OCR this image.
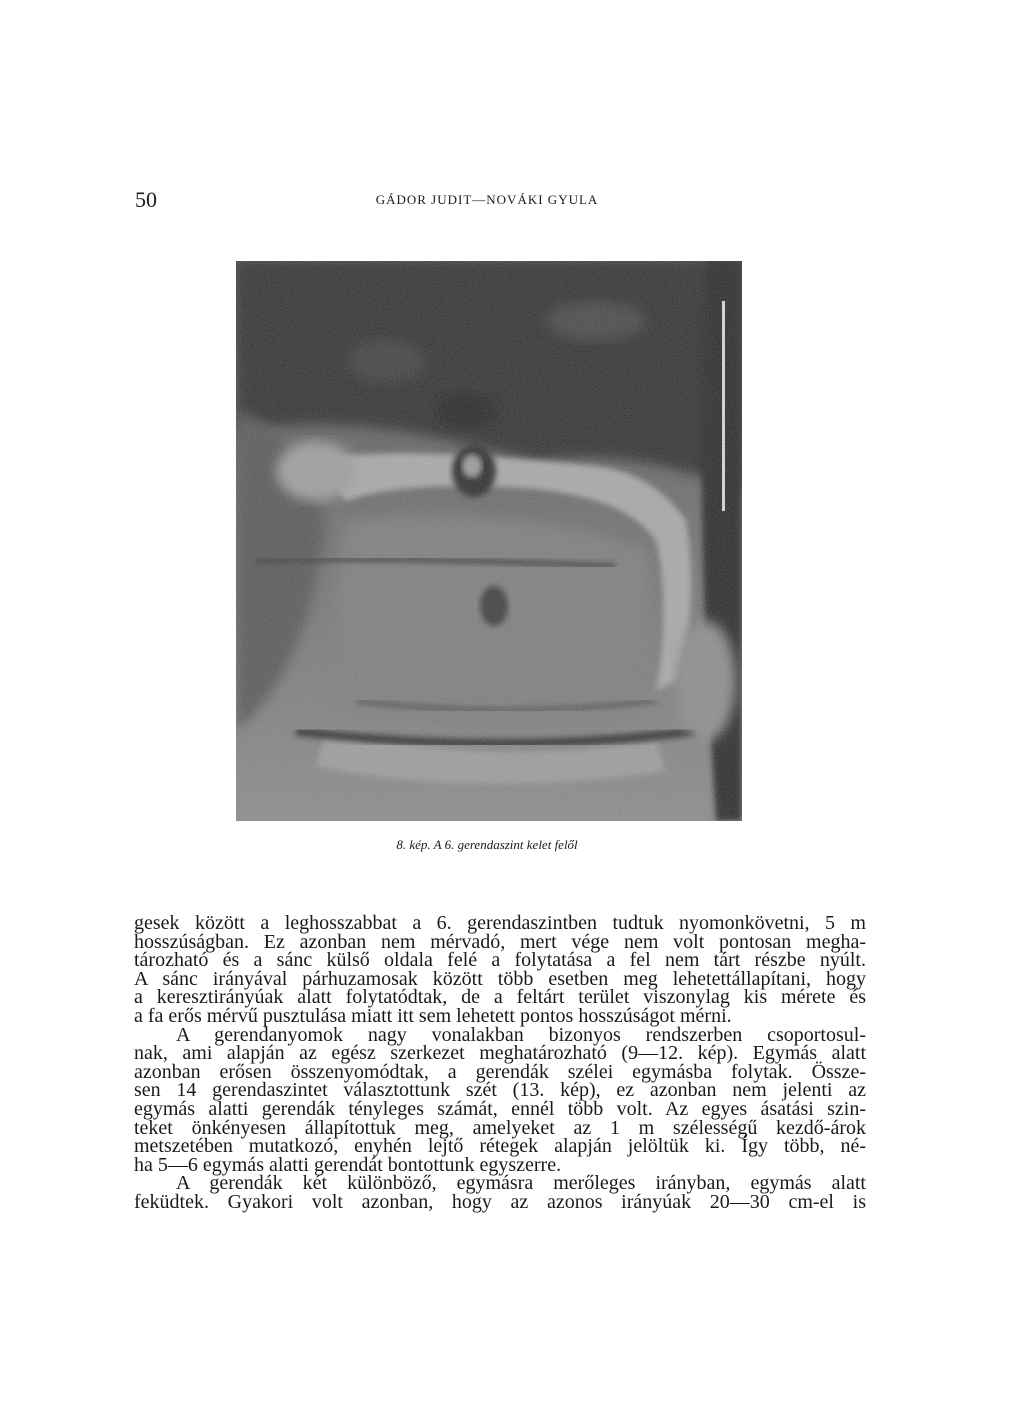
50	GÁDOR JUDIT—NOVÁKI GYULA
8. kép. A 6. gerendaszint kelet felől
gesek között a leghosszabbat a 6. gerendaszintben tudtuk nyomonkövetni, 5 m
hosszúságban. Ez azonban nem mérvadó, mert vége nem volt pontosan megha-
tározható és a sánc külső oldala felé a folytatása a fel nem tárt részbe nyúlt.
A sánc irányával párhuzamosak között több esetben meg lehetettállapítani, hogy
a keresztirányúak alatt folytatódtak, de a feltárt terület viszonylag kis mérete és
a fa erős mérvű pusztulása miatt itt sem lehetett pontos hosszúságot mérni.
A gerendanyomok nagy vonalakban bizonyos rendszerben csoportosul-
nak, ami alapján az egész szerkezet meghatározható (9—12. kép). Egymás alatt
azonban erősen összenyomódtak, a gerendák szélei egymásba folytak. Össze-
sen 14 gerendaszintet választottunk szét (13. kép), ez azonban nem jelenti az
egymás alatti gerendák tényleges számát, ennél több volt. Az egyes ásatási szin-
teket önkényesen állapítottuk meg, amelyeket az 1 m szélességű kezdő-árok
metszetében mutatkozó, enyhén lejtő rétegek alapján jelöltük ki. Így több, né-
ha 5—6 egymás alatti gerendát bontottunk egyszerre.
A gerendák két különböző, egymásra merőleges irányban, egymás alatt
feküdtek. Gyakori volt azonban, hogy az azonos irányúak 20—30 cm-el is
